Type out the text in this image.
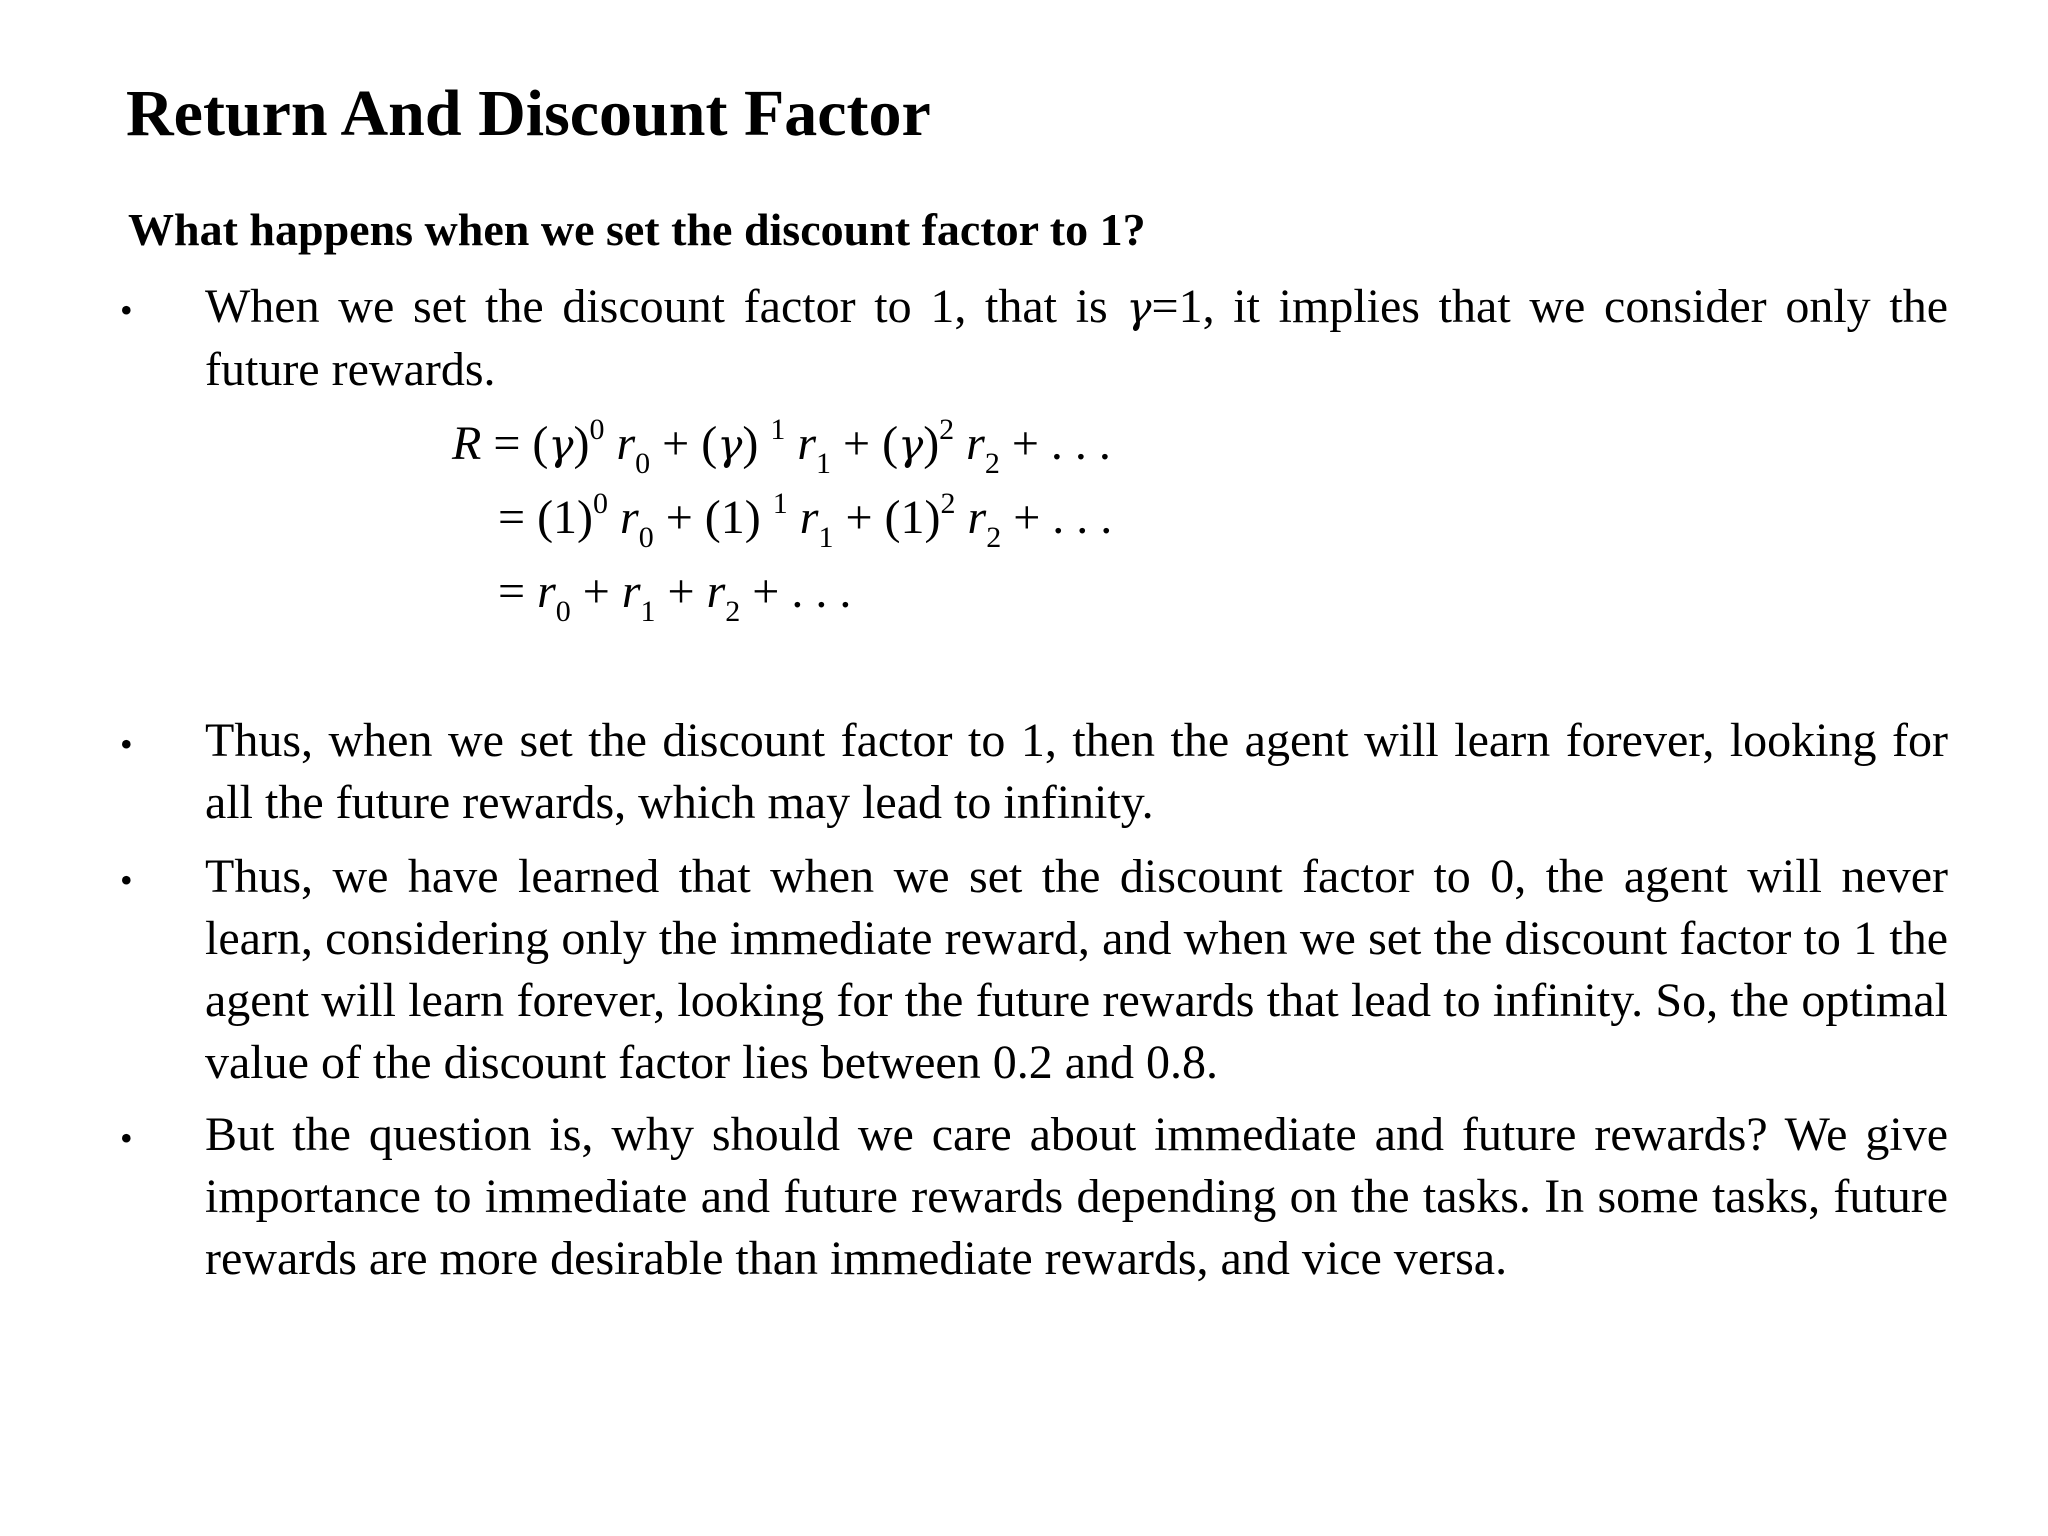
Return And Discount Factor
What happens when we set the discount factor to 1?
• When we set the discount factor to 1, that is γ=1, it implies that we consider only the future rewards.
$R = (\gamma)^0$ $r_0 + (\gamma)$ $^1$ $r_1 + (\gamma)^2$ $r_2$ + . . .
= $(1)^0$ $r_0 + (1)$ $^1$ $r_1 + (1)^2$ $r_2$ + . . .
= $r_0 + r_1 + r_2$ + . . .
• Thus, when we set the discount factor to 1, then the agent will learn forever, looking for all the future rewards, which may lead to infinity.
• Thus, we have learned that when we set the discount factor to 0, the agent will never learn, considering only the immediate reward, and when we set the discount factor to 1 the agent will learn forever, looking for the future rewards that lead to infinity. So, the optimal value of the discount factor lies between 0.2 and 0.8.
• But the question is, why should we care about immediate and future rewards? We give importance to immediate and future rewards depending on the tasks. In some tasks, future rewards are more desirable than immediate rewards, and vice versa.
